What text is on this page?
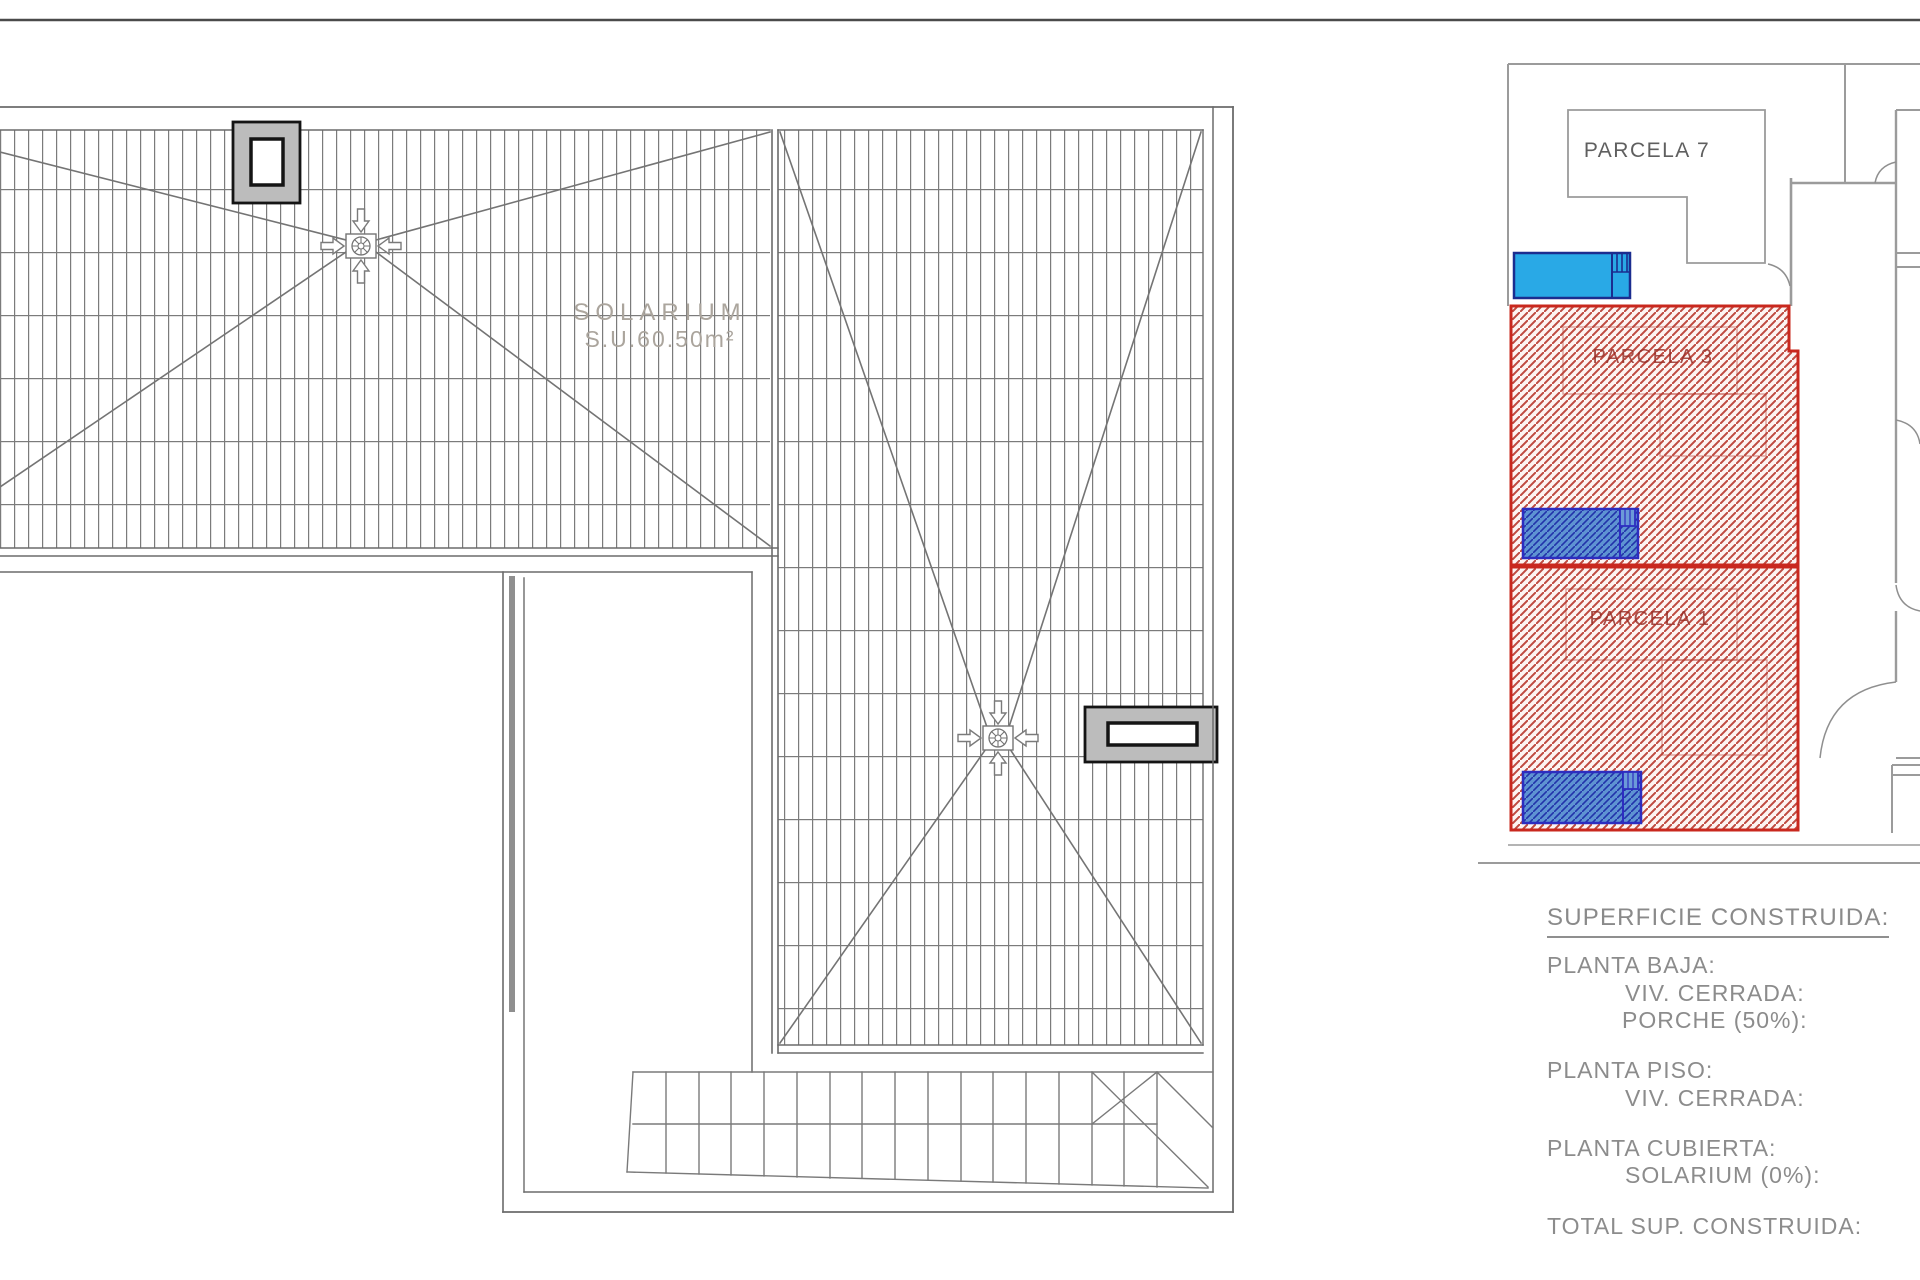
SOLARIUM
S.U.60.50m²
PARCELA 7
PARCELA 3
PARCELA 1
SUPERFICIE CONSTRUIDA:
PLANTA BAJA:
VIV. CERRADA:
PORCHE (50%):
PLANTA PISO:
VIV. CERRADA:
PLANTA CUBIERTA:
SOLARIUM (0%):
TOTAL SUP. CONSTRUIDA:
